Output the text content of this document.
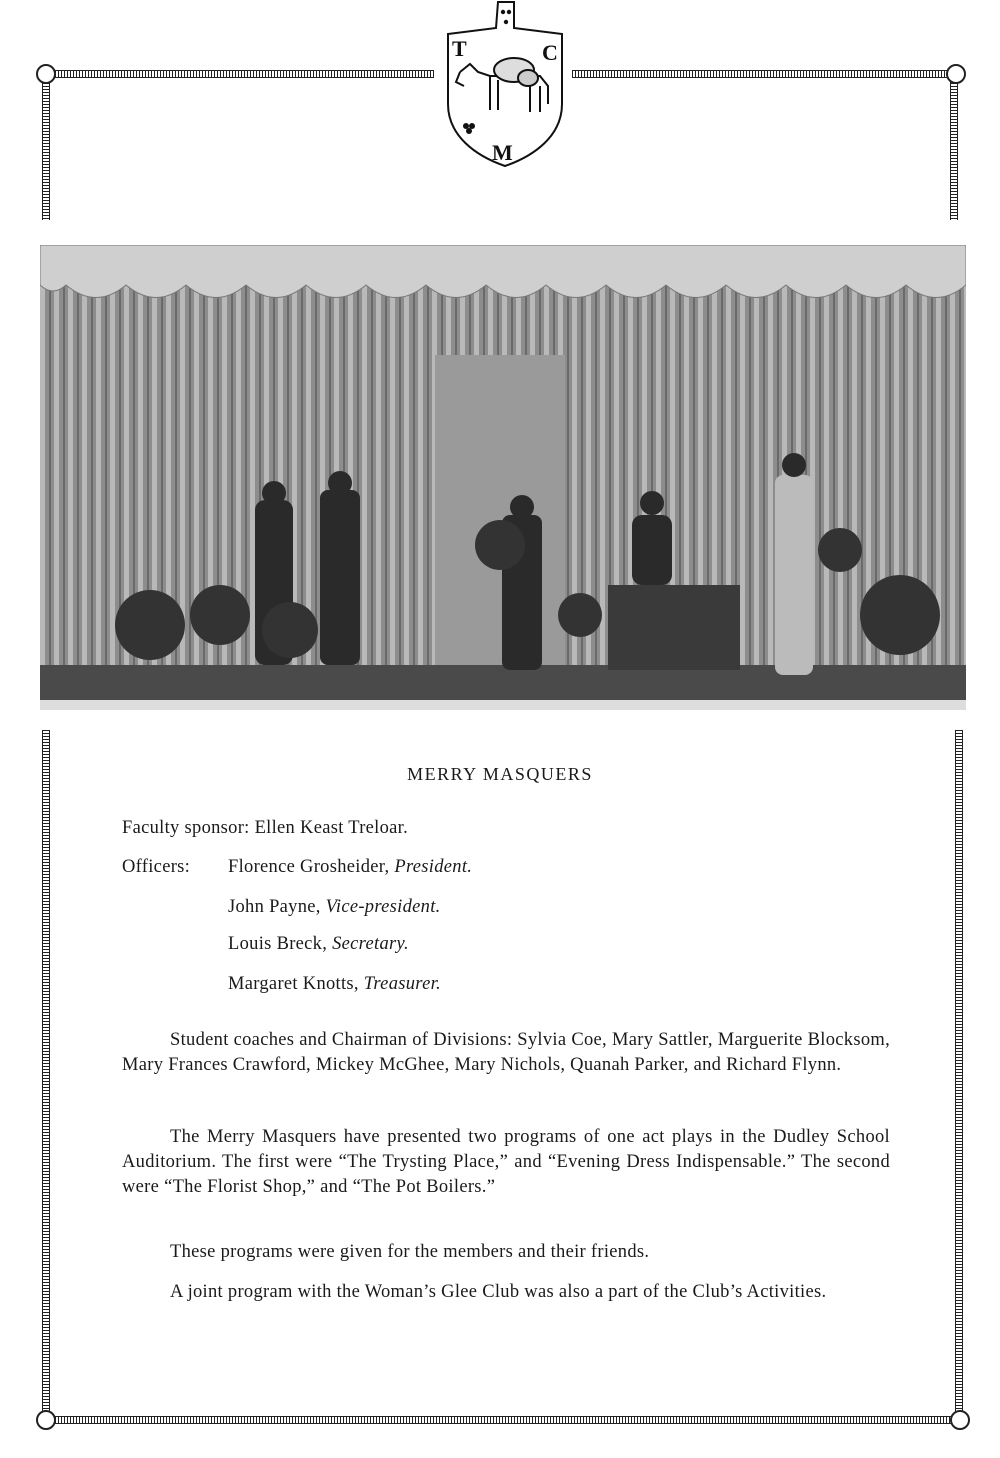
T	C
M
MERRY MASQUERS
Faculty sponsor: Ellen Keast Treloar.
Officers: Florence Grosheider, President.
John Payne, Vice-president.
Louis Breck, Secretary.
Margaret Knotts, Treasurer.

Student coaches and Chairman of Divisions: Sylvia Coe, Mary Sattler, Marguerite Blocksom, Mary Frances Crawford, Mickey McGhee, Mary Nichols, Quanah Parker, and Richard Flynn.

The Merry Masquers have presented two programs of one act plays in the Dudley School Auditorium. The first were “The Trysting Place,” and “Evening Dress Indispensable.” The second were “The Florist Shop,” and “The Pot Boilers.”

These programs were given for the members and their friends.

A joint program with the Woman’s Glee Club was also a part of the Club’s Activities.
